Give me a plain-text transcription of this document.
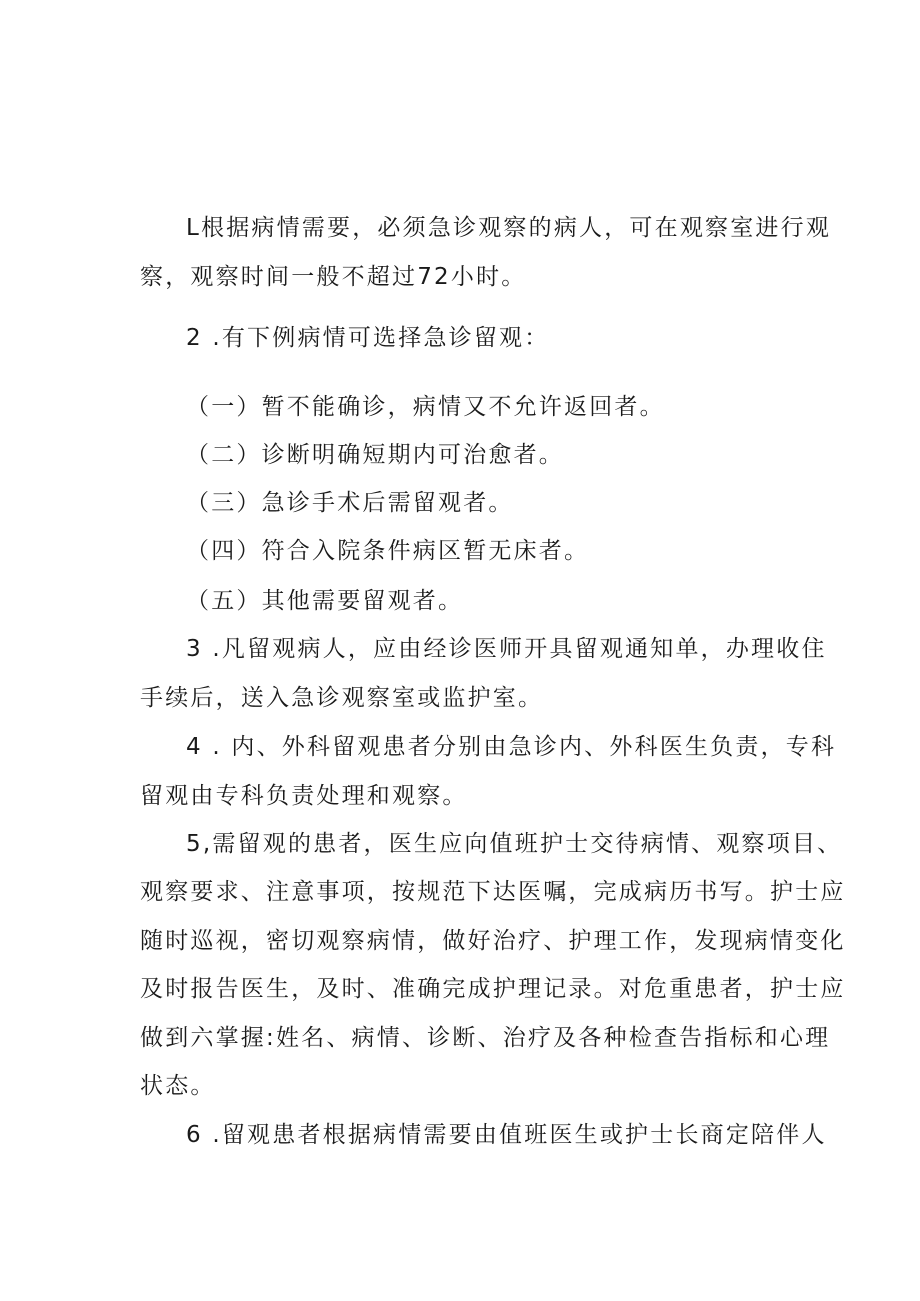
L根据病情需要，必须急诊观察的病人，可在观察室进行观
察，观察时间一般不超过72小时。
2 .有下例病情可选择急诊留观：
（一）暂不能确诊，病情又不允许返回者。
（二）诊断明确短期内可治愈者。
（三）急诊手术后需留观者。
（四）符合入院条件病区暂无床者。
（五）其他需要留观者。
3 .凡留观病人，应由经诊医师开具留观通知单，办理收住
手续后，送入急诊观察室或监护室。
4 . 内、外科留观患者分别由急诊内、外科医生负责，专科
留观由专科负责处理和观察。
5,需留观的患者，医生应向值班护士交待病情、观察项目、
观察要求、注意事项，按规范下达医嘱，完成病历书写。护士应
随时巡视，密切观察病情，做好治疗、护理工作，发现病情变化
及时报告医生，及时、准确完成护理记录。对危重患者，护士应
做到六掌握:姓名、病情、诊断、治疗及各种检查告指标和心理
状态。
6 .留观患者根据病情需要由值班医生或护士长商定陪伴人
